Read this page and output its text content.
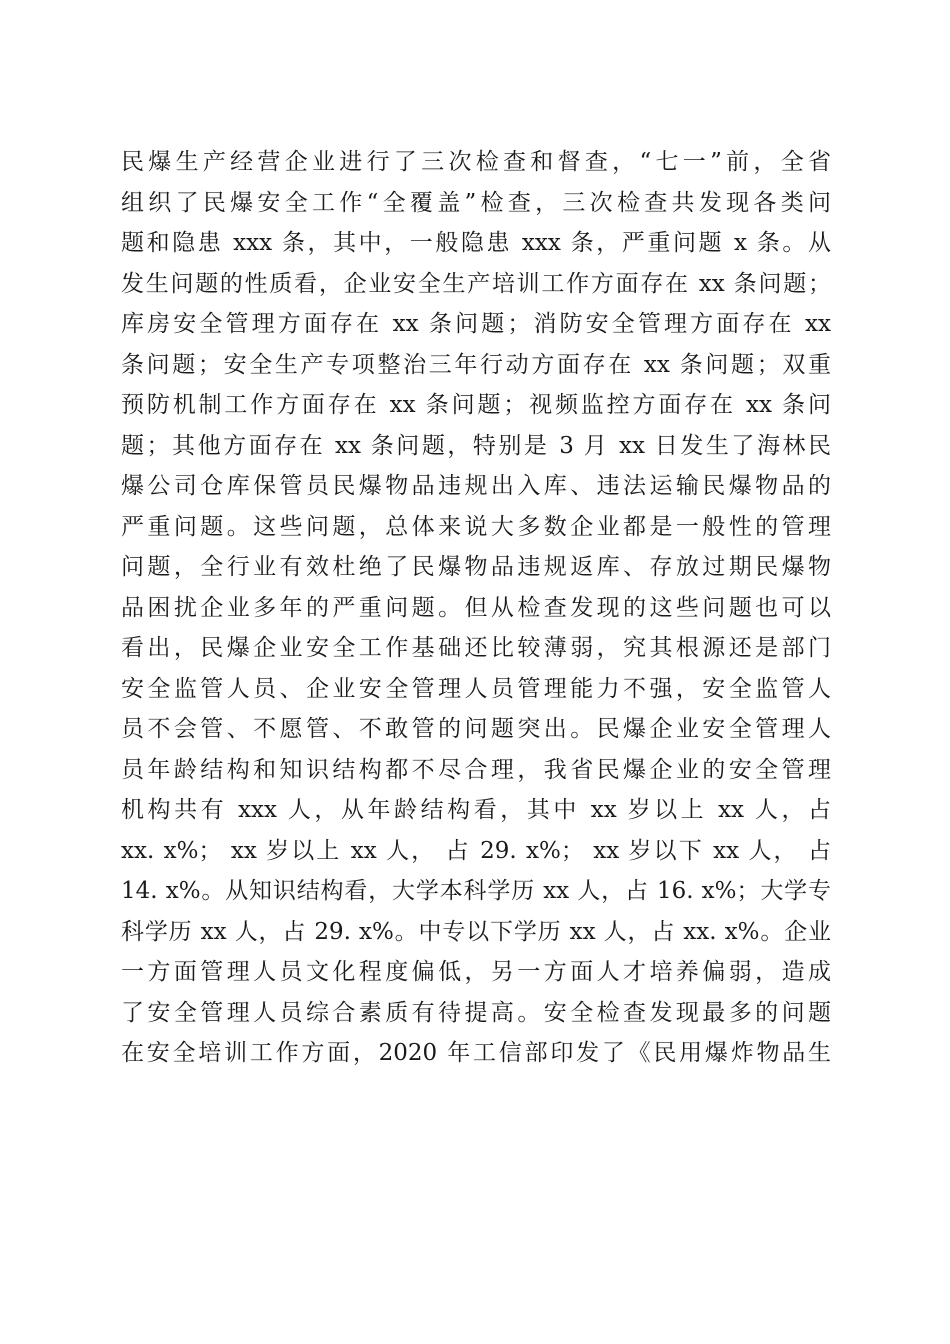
民爆生产经营企业进行了三次检查和督查，“七一”前，全省
组织了民爆安全工作“全覆盖”检查，三次检查共发现各类问
题和隐患 xxx 条，其中，一般隐患 xxx 条，严重问题 x 条。从
发生问题的性质看，企业安全生产培训工作方面存在 xx 条问题；
库房安全管理方面存在 xx 条问题；消防安全管理方面存在 xx
条问题；安全生产专项整治三年行动方面存在 xx 条问题；双重
预防机制工作方面存在 xx 条问题；视频监控方面存在 xx 条问
题；其他方面存在 xx 条问题，特别是 3 月 xx 日发生了海林民
爆公司仓库保管员民爆物品违规出入库、违法运输民爆物品的
严重问题。这些问题，总体来说大多数企业都是一般性的管理
问题，全行业有效杜绝了民爆物品违规返库、存放过期民爆物
品困扰企业多年的严重问题。但从检查发现的这些问题也可以
看出，民爆企业安全工作基础还比较薄弱，究其根源还是部门
安全监管人员、企业安全管理人员管理能力不强，安全监管人
员不会管、不愿管、不敢管的问题突出。民爆企业安全管理人
员年龄结构和知识结构都不尽合理，我省民爆企业的安全管理
机构共有 xxx 人，从年龄结构看，其中 xx 岁以上 xx 人，占
xx. x%； xx 岁以上 xx 人， 占 29. x%； xx 岁以下 xx 人， 占
14. x%。从知识结构看，大学本科学历 xx 人，占 16. x%；大学专
科学历 xx 人，占 29. x%。中专以下学历 xx 人，占 xx. x%。企业
一方面管理人员文化程度偏低，另一方面人才培养偏弱，造成
了安全管理人员综合素质有待提高。安全检查发现最多的问题
在安全培训工作方面，2020 年工信部印发了《民用爆炸物品生
